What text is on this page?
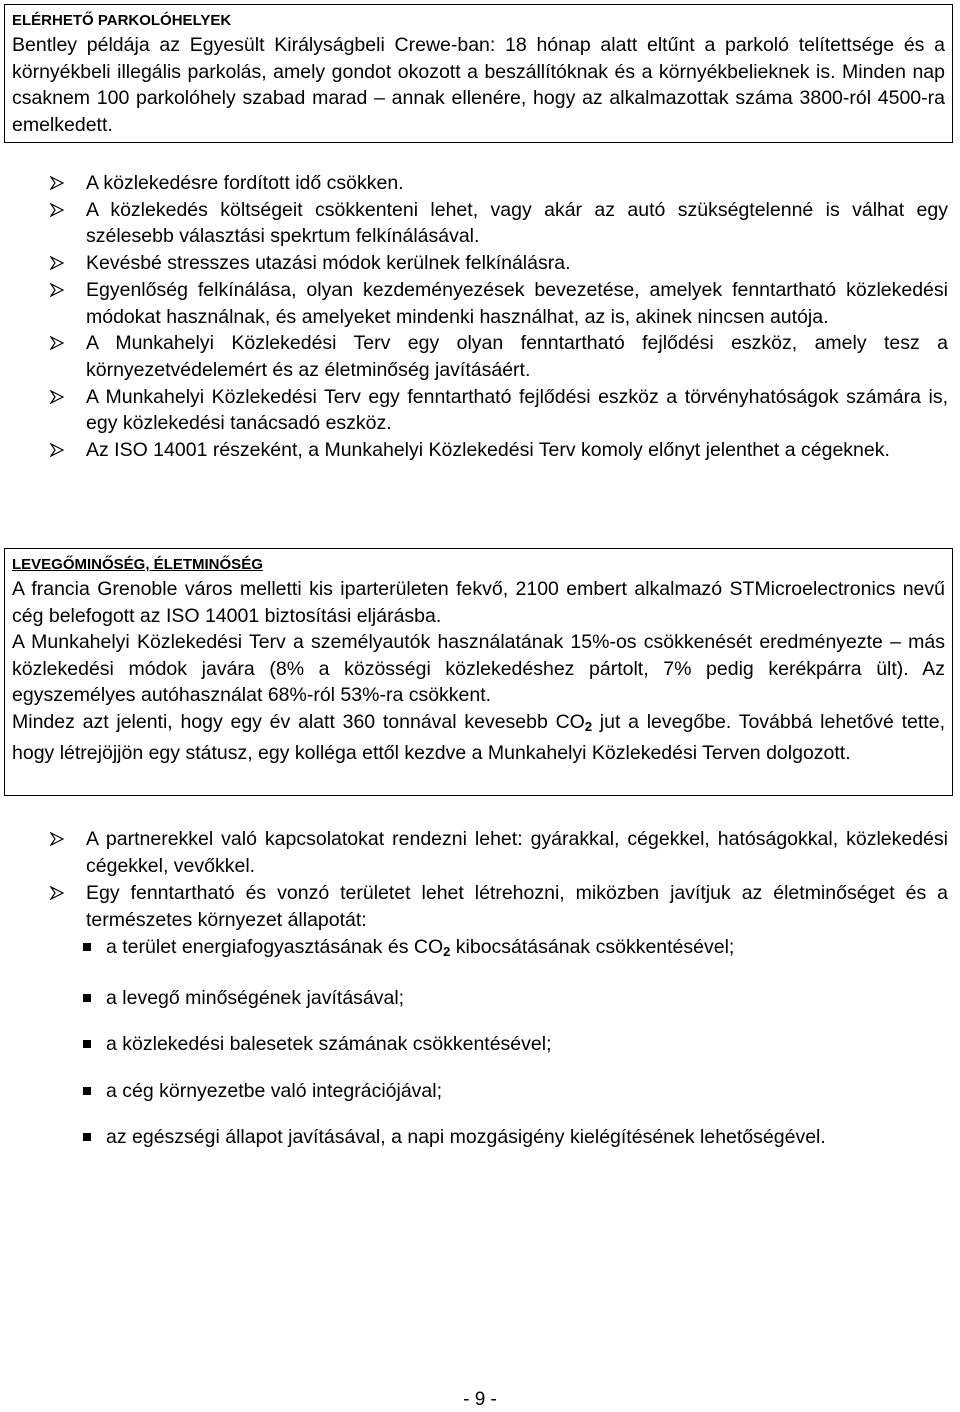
ELÉRHETŐ PARKOLÓHELYEK
Bentley példája az Egyesült Királyságbeli Crewe-ban: 18 hónap alatt eltűnt a parkoló telítettsége és a környékbeli illegális parkolás, amely gondot okozott a beszállítóknak és a környékbelieknek is. Minden nap csaknem 100 parkolóhely szabad marad – annak ellenére, hogy az alkalmazottak száma 3800-ról 4500-ra emelkedett.

A közlekedésre fordított idő csökken.

A közlekedés költségeit csökkenteni lehet, vagy akár az autó szükségtelenné is válhat egy szélesebb választási spekrtum felkínálásával.

Kevésbé stresszes utazási módok kerülnek felkínálásra.

Egyenlőség felkínálása, olyan kezdeményezések bevezetése, amelyek fenntartható közlekedési módokat használnak, és amelyeket mindenki használhat, az is, akinek nincsen autója.

A Munkahelyi Közlekedési Terv egy olyan fenntartható fejlődési eszköz, amely tesz a környezetvédelemért és az életminőség javításáért.

A Munkahelyi Közlekedési Terv egy fenntartható fejlődési eszköz a törvényhatóságok számára is, egy közlekedési tanácsadó eszköz.

Az ISO 14001 részeként, a Munkahelyi Közlekedési Terv komoly előnyt jelenthet a cégeknek.

LEVEGŐMINŐSÉG, ÉLETMINŐSÉG

A francia Grenoble város melletti kis iparterületen fekvő, 2100 embert alkalmazó STMicroelectronics nevű cég belefogott az ISO 14001 biztosítási eljárásba.

A Munkahelyi Közlekedési Terv a személyautók használatának 15%-os csökkenését eredményezte – más közlekedési módok javára (8% a közösségi közlekedéshez pártolt, 7% pedig kerékpárra ült). Az egyszemélyes autóhasználat 68%-ról 53%-ra csökkent.

Mindez azt jelenti, hogy egy év alatt 360 tonnával kevesebb $CO_2$ jut a levegőbe. Továbbá lehetővé tette, hogy létrejöjjön egy státusz, egy kolléga ettől kezdve a Munkahelyi Közlekedési Terven dolgozott.

A partnerekkel való kapcsolatokat rendezni lehet: gyárakkal, cégekkel, hatóságokkal, közlekedési cégekkel, vevőkkel.

Egy fenntartható és vonzó területet lehet létrehozni, miközben javítjuk az életminőséget és a természetes környezet állapotát:

a terület energiafogyasztásának és $CO_2$ kibocsátásának csökkentésével;

a levegő minőségének javításával;

a közlekedési balesetek számának csökkentésével;

a cég környezetbe való integrációjával;

az egészségi állapot javításával, a napi mozgásigény kielégítésének lehetőségével.

- 9 -
